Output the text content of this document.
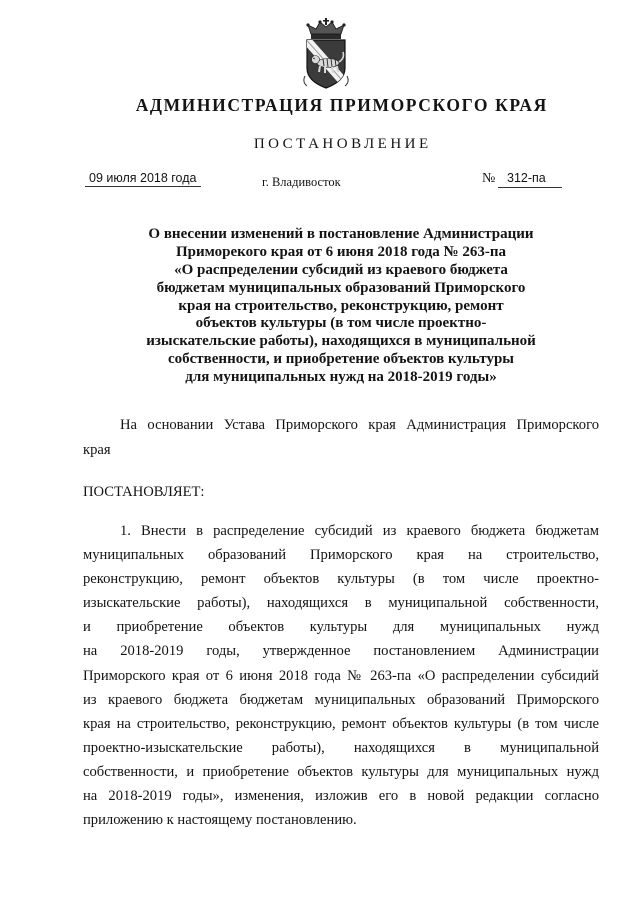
АДМИНИСТРАЦИЯ ПРИМОРСКОГО КРАЯ
ПОСТАНОВЛЕНИЕ
09 июля 2018 года	г. Владивосток	№ 312-па
О внесении изменений в постановление Администрации
Приморекого края от 6 июня 2018 года № 263-па
«О распределении субсидий из краевого бюджета
бюджетам муниципальных образований Приморского
края на строительство, реконструкцию, ремонт
объектов культуры (в том числе проектно-
изыскательские работы), находящихся в муниципальной
собственности, и приобретение объектов культуры
для муниципальных нужд на 2018-2019 годы»
На основании Устава Приморского края Администрация Приморского
края
ПОСТАНОВЛЯЕТ:
1. Внести в распределение субсидий из краевого бюджета бюджетам
муниципальных образований Приморского края на строительство,
реконструкцию, ремонт объектов культуры (в том числе проектно-
изыскательские работы), находящихся в муниципальной собственности,
и приобретение объектов культуры для муниципальных нужд
на 2018-2019 годы, утвержденное постановлением Администрации
Приморского края от 6 июня 2018 года № 263-па «О распределении субсидий
из краевого бюджета бюджетам муниципальных образований Приморского
края на строительство, реконструкцию, ремонт объектов культуры (в том числе
проектно-изыскательские работы), находящихся в муниципальной
собственности, и приобретение объектов культуры для муниципальных нужд
на 2018-2019 годы», изменения, изложив его в новой редакции согласно
приложению к настоящему постановлению.
